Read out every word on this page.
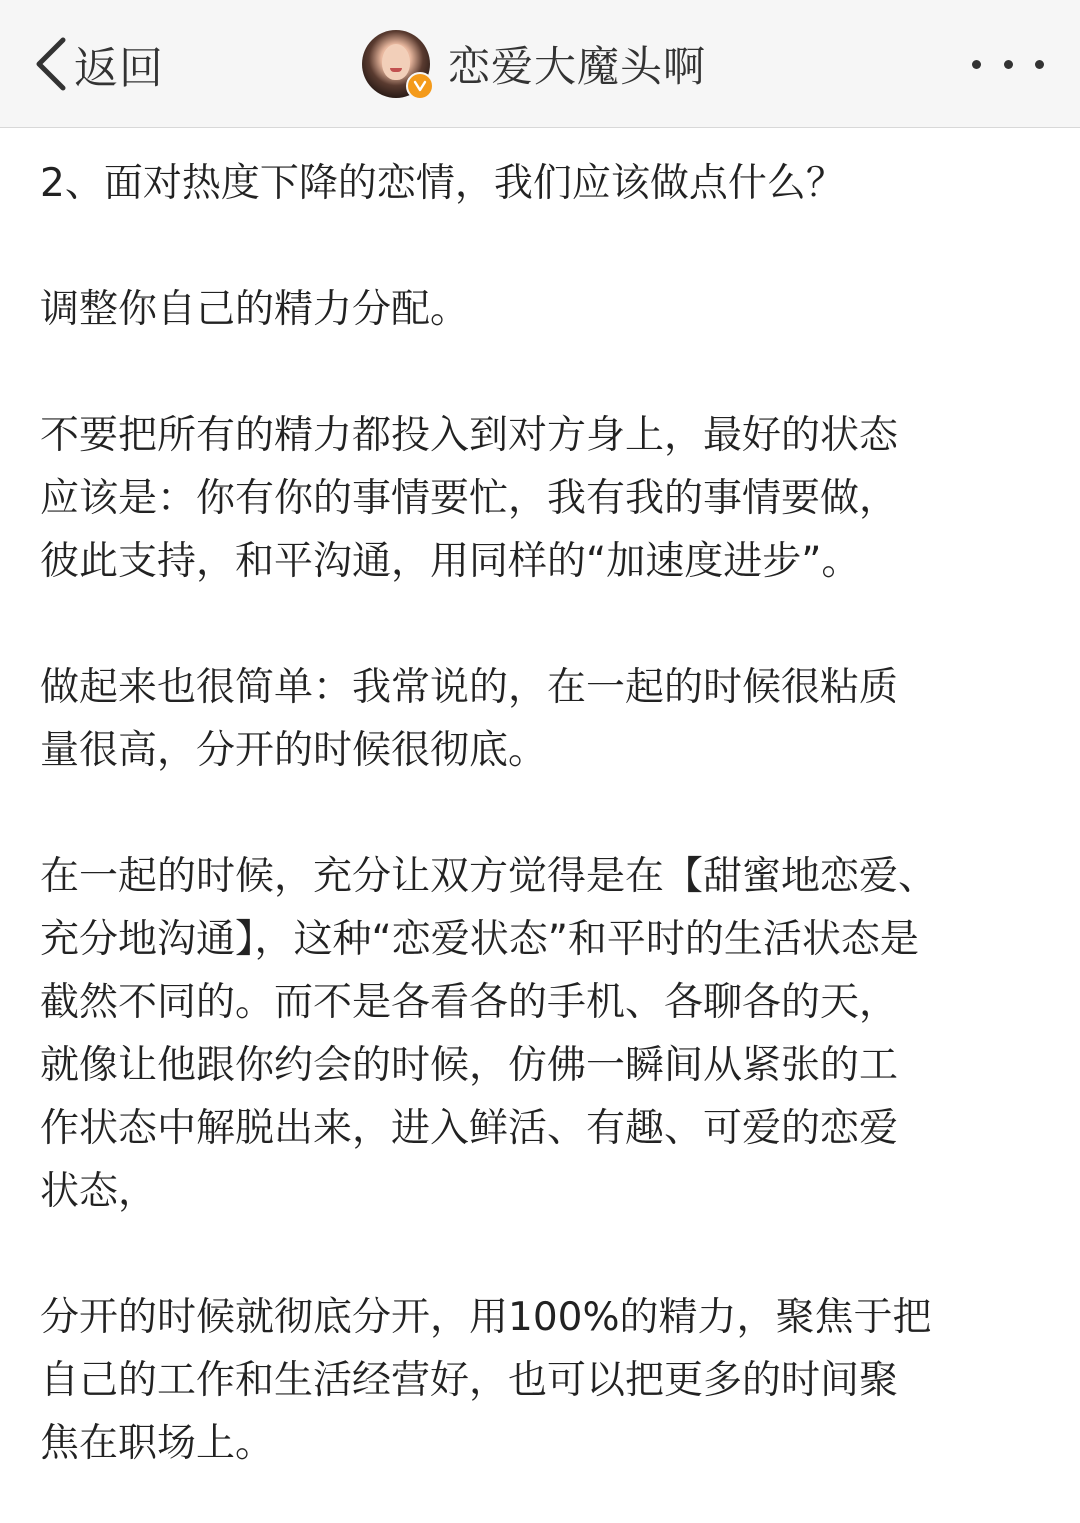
返回	恋爱大魔头啊

2、面对热度下降的恋情，我们应该做点什么？

调整你自己的精力分配。

不要把所有的精力都投入到对方身上，最好的状态
应该是：你有你的事情要忙，我有我的事情要做，
彼此支持，和平沟通，用同样的“加速度进步”。

做起来也很简单：我常说的，在一起的时候很粘质
量很高，分开的时候很彻底。

在一起的时候，充分让双方觉得是在【甜蜜地恋爱、
充分地沟通】，这种“恋爱状态”和平时的生活状态是
截然不同的。而不是各看各的手机、各聊各的天，
就像让他跟你约会的时候，仿佛一瞬间从紧张的工
作状态中解脱出来，进入鲜活、有趣、可爱的恋爱
状态，

分开的时候就彻底分开，用100%的精力，聚焦于把
自己的工作和生活经营好，也可以把更多的时间聚
焦在职场上。
